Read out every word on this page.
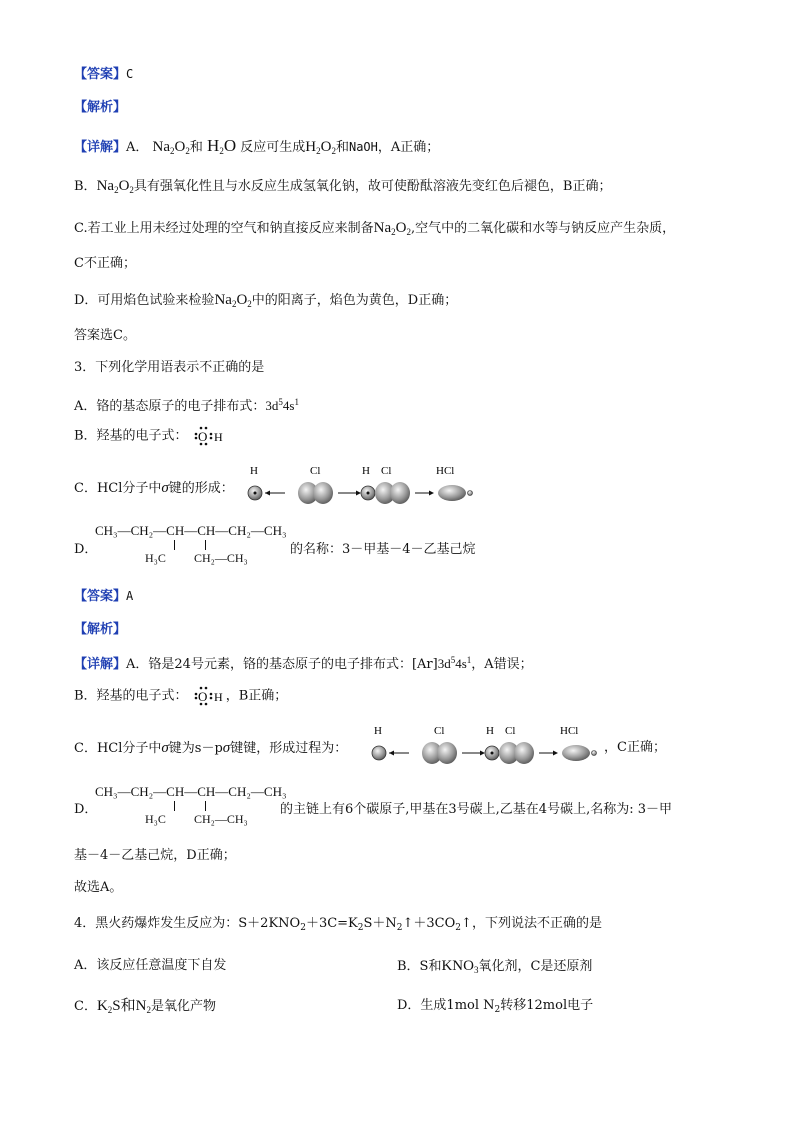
【答案】C
【解析】
【详解】A． $Na_2O_2$和 H2O 反应可生成$H_2O_2$和NaOH，A正确；
B．$Na_2O_2$具有强氧化性且与水反应生成氢氧化钠，故可使酚酞溶液先变红色后褪色，B正确；
C.若工业上用未经过处理的空气和钠直接反应来制备$Na_2O_2$,空气中的二氧化碳和水等与钠反应产生杂质，
C不正确；
D．可用焰色试验来检验$Na_2O_2$中的阳离子，焰色为黄色，D正确；
答案选C。
3．下列化学用语表示不正确的是
A．铬的基态原子的电子排布式：$3d^54s^1$
B．羟基的电子式： O H
C．HCl分子中σ键的形成：
H	Cl	H Cl	HCl
D．
CH₃—CH₂—CH—CH—CH₂—CH₃
H₃C CH₂—CH₃
的名称：3－甲基－4－乙基己烷
【答案】A
【解析】
【详解】A．铬是24号元素，铬的基态原子的电子排布式：$[Ar]3d^54s^1$，A错误；
B．羟基的电子式： O H ，B正确；
C．HCl分子中σ键为s－pσ键键，形成过程为：
H	Cl	H Cl	HCl
，C正确；
D．
CH₃—CH₂—CH—CH—CH₂—CH₃
H₃C CH₂—CH₃
的主链上有6个碳原子,甲基在3号碳上,乙基在4号碳上,名称为: 3－甲
基－4－乙基己烷，D正确；
故选A。
4．黑火药爆炸发生反应为：$S+2KNO_2+3C=K_2S+N_2↑+3CO_2↑$，下列说法不正确的是
A．该反应任意温度下自发	B．S和$KNO_3$氧化剂，C是还原剂
C．$K_2S$和$N_2$是氧化产物	D．生成1mol $N_2$转移12mol电子
